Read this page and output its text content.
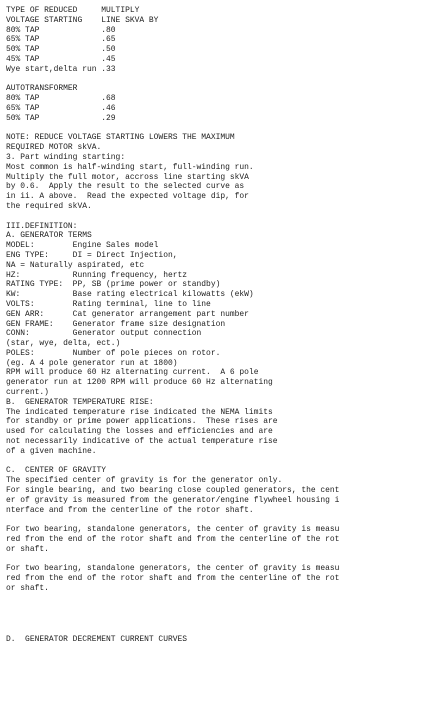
TYPE OF REDUCED     MULTIPLY
VOLTAGE STARTING    LINE SKVA BY
80% TAP             .80
65% TAP             .65
50% TAP             .50
45% TAP             .45
Wye start,delta run .33
AUTOTRANSFORMER
80% TAP             .68
65% TAP             .46
50% TAP             .29
NOTE: REDUCE VOLTAGE STARTING LOWERS THE MAXIMUM
REQUIRED MOTOR skVA.
3. Part winding starting:
Most common is half-winding start, full-winding run.
Multiply the full motor, accross line starting skVA
by 0.6.  Apply the result to the selected curve as
in ii. A above.  Read the expected voltage dip, for
the required skVA.
III.DEFINITION:
A. GENERATOR TERMS
MODEL:        Engine Sales model
ENG TYPE:     DI = Direct Injection,
NA = Naturally aspirated, etc
HZ:           Running frequency, hertz
RATING TYPE:  PP, SB (prime power or standby)
KW:           Base rating electrical kilowatts (ekW)
VOLTS:        Rating terminal, line to line
GEN ARR:      Cat generator arrangement part number
GEN FRAME:    Generator frame size designation
CONN:         Generator output connection
(star, wye, delta, ect.)
POLES:        Number of pole pieces on rotor.
(eg. A 4 pole generator run at 1800)
RPM will produce 60 Hz alternating current.  A 6 pole
generator run at 1200 RPM will produce 60 Hz alternating
current.)
B.  GENERATOR TEMPERATURE RISE:
The indicated temperature rise indicated the NEMA limits
for standby or prime power applications.  These rises are
used for calculating the losses and efficiencies and are
not necessarily indicative of the actual temperature rise
of a given machine.
C.  CENTER OF GRAVITY
The specified center of gravity is for the generator only.
For single bearing, and two bearing close coupled generators, the cent
er of gravity is measured from the generator/engine flywheel housing i
nterface and from the centerline of the rotor shaft.
For two bearing, standalone generators, the center of gravity is measu
red from the end of the rotor shaft and from the centerline of the rot
or shaft.
For two bearing, standalone generators, the center of gravity is measu
red from the end of the rotor shaft and from the centerline of the rot
or shaft.
D.  GENERATOR DECREMENT CURRENT CURVES
